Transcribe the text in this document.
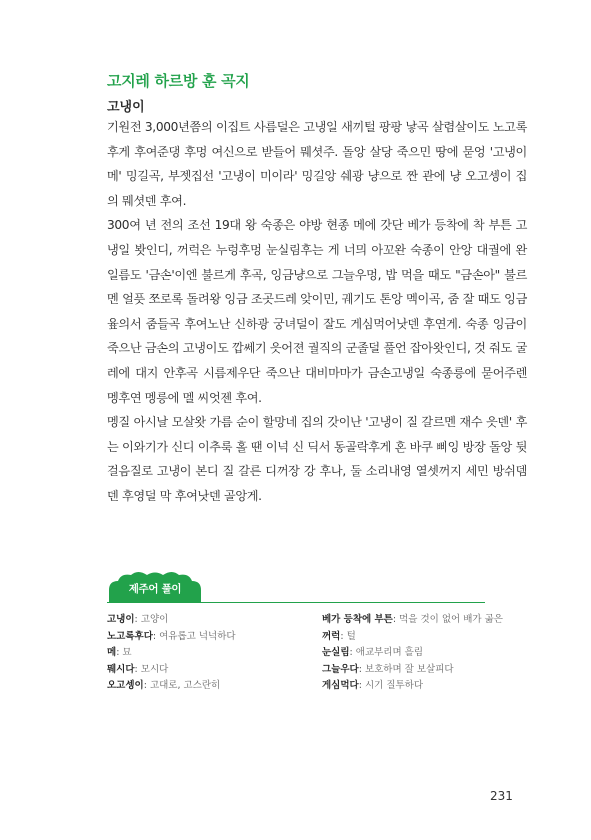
고지레 하르방 훈 곡지
고냉이

기원전 3,000년쯤의 이집트 사름덜은 고냉일 새끼털 팡팡 낳곡 살렴살이도 노고록후게 후여준댕 후멍 여신으로 받들어 뭬셧주. 돌앙 살당 죽으민 땅에 묻엉 '고냉이 메' 밍길곡, 부젯집선 '고냉이 미이라' 밍길앙 쉐광 냥으로 짠 관에 냥 오고셍이 집의 뭬셧덴 후여.

300여 년 전의 조선 19대 왕 숙종은 야방 현종 메에 갓단 베가 등착에 착 부튼 고냉일 봣인디, 꺼럭은 누렁후멍 눈실림후는 게 너믜 아꼬완 숙종이 안앙 대궐에 완 일름도 '금손'이엔 불르게 후곡, 잉금냥으로 그늘우멍, 밥 먹을 때도 "금손아" 불르멘 얼픗 쪼로록 돌려왕 잉금 조곳드레 앚이민, 궤기도 톤앙 멕이곡, 줌 잘 때도 잉금 윺의서 줌들곡 후여노난 신하광 궁녀덜이 잘도 게심먹어낫덴 후연게. 숙종 잉금이 죽으난 금손의 고냉이도 깝쎄기 읏어젼 궐직의 군졸덜 풀언 잡아왓인디, 것 줘도 굴레에 대지 안후곡 시름제우단 죽으난 대비마마가 금손고냉일 숙종릉에 묻어주렌 멩후연 멩릉에 멜 씨엇젠 후여.

멩질 아시날 모살왓 가름 순이 할망네 집의 갓이난 '고냉이 질 갈르멘 재수 읏덴' 후는 이와기가 신디 이추룩 홀 땐 이넉 신 딕서 동골락후게 혼 바쿠 삐잉 방장 돌앙 뒷걸음질로 고냉이 본디 질 갈른 디꺼장 강 후나, 둘 소리내영 열셋꺼지 세민 방쉬뎀덴 후영덜 막 후여낫덴 골앙게.

제주어 풀이
고냉이: 고양이
노고록후다: 여유롭고 넉넉하다
메: 묘
뭬시다: 모시다
오고셍이: 고대로, 고스란히
베가 등착에 부튼: 먹을 것이 없어 배가 곪은
꺼럭: 털
눈실림: 애교부리며 흘림
그늘우다: 보호하며 잘 보살피다
게심먹다: 시기 질투하다
231
